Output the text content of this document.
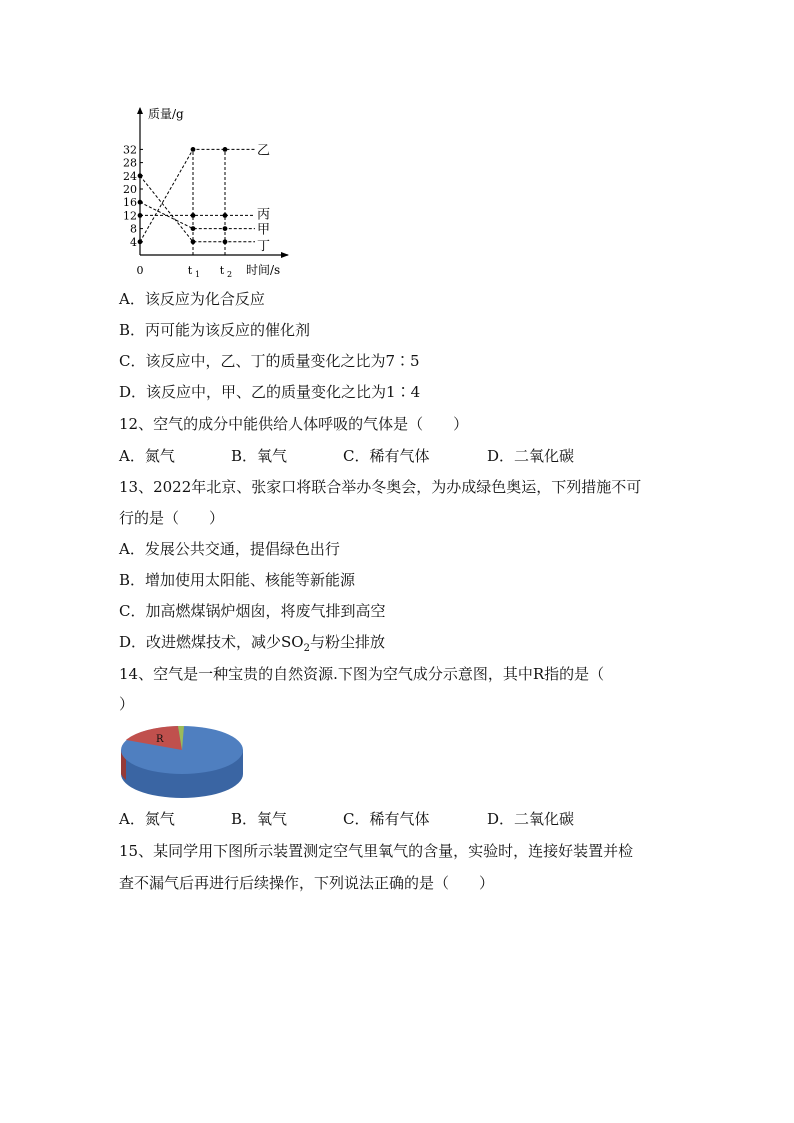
质量/g
时间/s
32
28
24
20
16
12
8
4
0	t 1 t 2
乙
丙
甲
丁
A．该反应为化合反应
B．丙可能为该反应的催化剂
C．该反应中，乙、丁的质量变化之比为7∶5
D．该反应中，甲、乙的质量变化之比为1∶4
12、空气的成分中能供给人体呼吸的气体是（　　）
A．氮气	B．氧气	C．稀有气体	D．二氧化碳
13、2022年北京、张家口将联合举办冬奥会，为办成绿色奥运，下列措施不可
行的是（　　）
A．发展公共交通，提倡绿色出行
B．增加使用太阳能、核能等新能源
C．加高燃煤锅炉烟囱，将废气排到高空
D．改进燃煤技术，减少$SO_2$与粉尘排放
14、空气是一种宝贵的自然资源.下图为空气成分示意图，其中R指的是（
）
R
A．氮气	B．氧气	C．稀有气体	D．二氧化碳
15、某同学用下图所示装置测定空气里氧气的含量，实验时，连接好装置并检
查不漏气后再进行后续操作，下列说法正确的是（　　）
